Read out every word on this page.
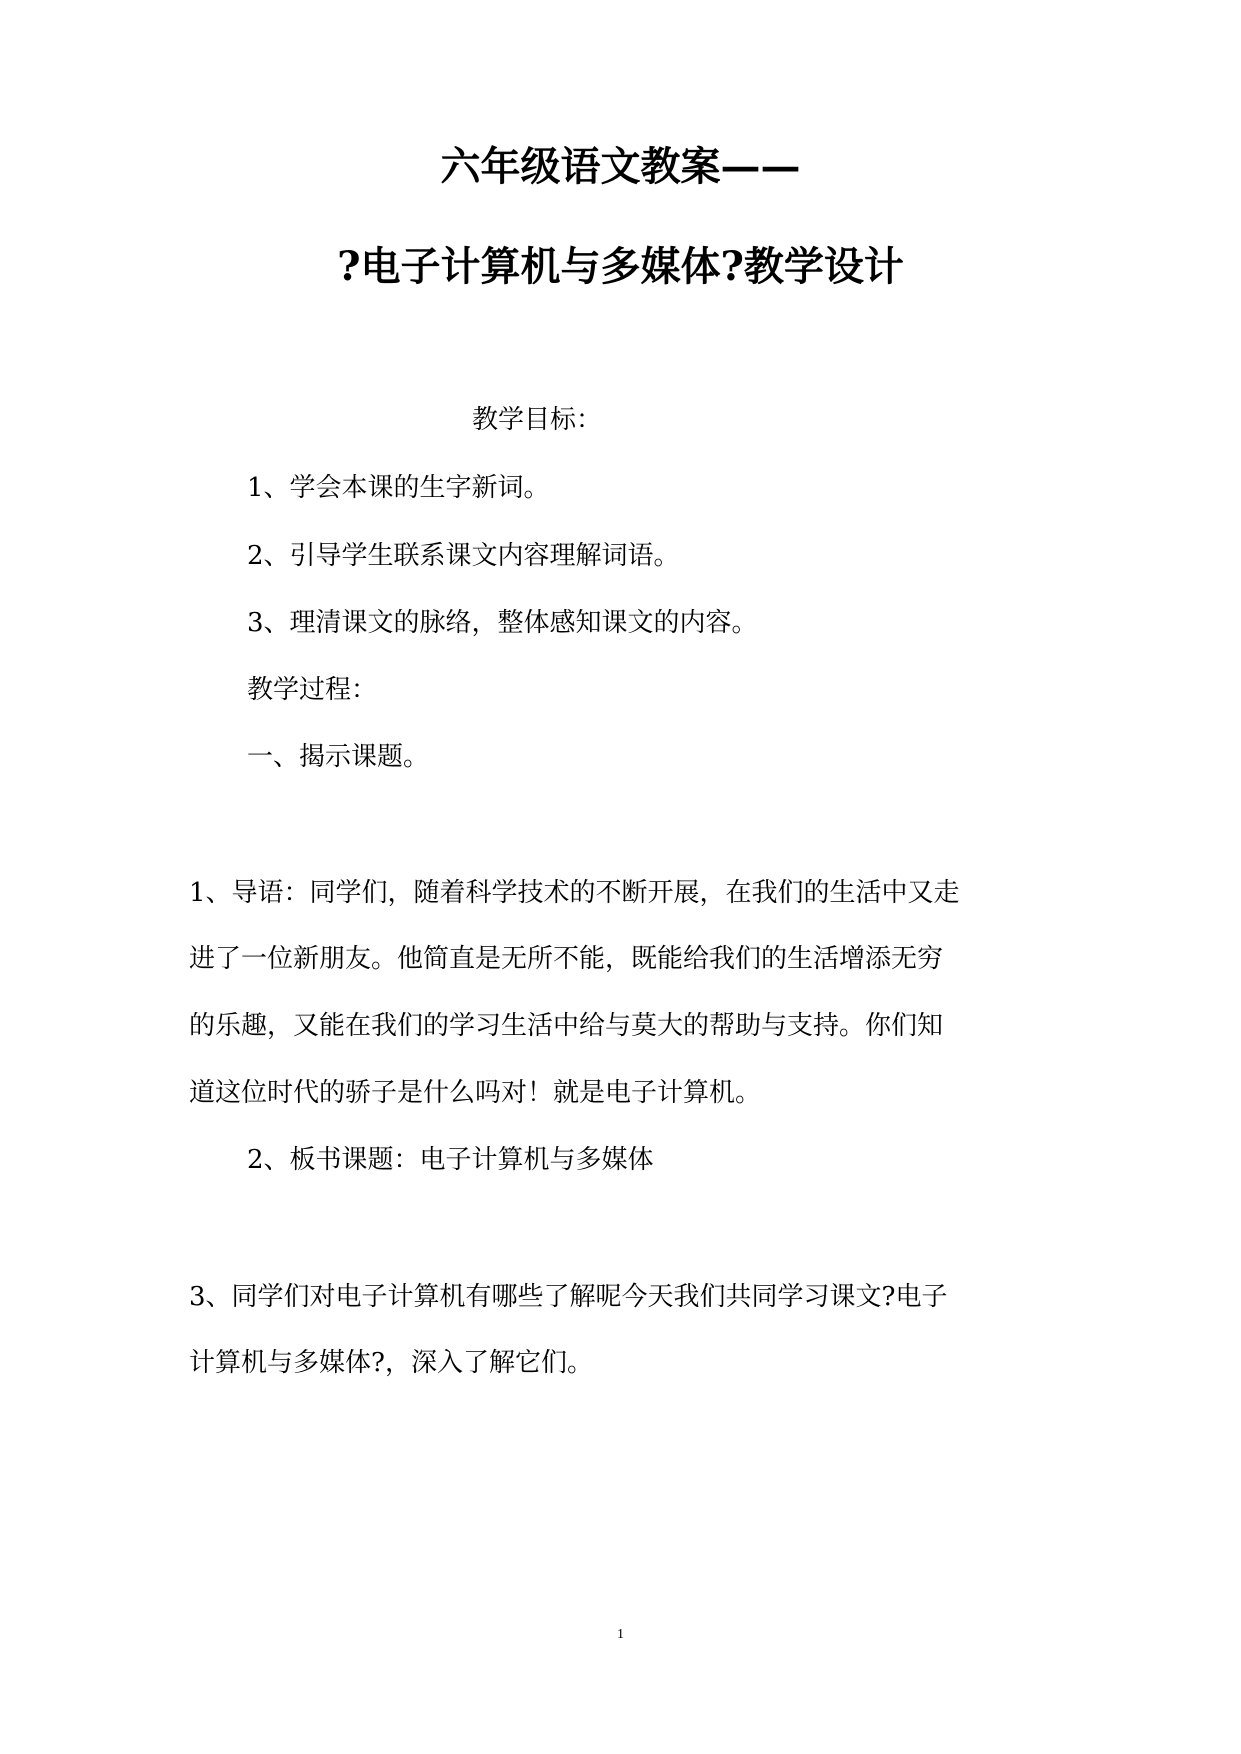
六年级语文教案——
?电子计算机与多媒体?教学设计
教学目标：
1、学会本课的生字新词。
2、引导学生联系课文内容理解词语。
3、理清课文的脉络，整体感知课文的内容。
教学过程：
一、揭示课题。
1、导语：同学们，随着科学技术的不断开展，在我们的生活中又走
进了一位新朋友。他简直是无所不能，既能给我们的生活增添无穷
的乐趣，又能在我们的学习生活中给与莫大的帮助与支持。你们知
道这位时代的骄子是什么吗对！就是电子计算机。
2、板书课题：电子计算机与多媒体
3、同学们对电子计算机有哪些了解呢今天我们共同学习课文?电子
计算机与多媒体?，深入了解它们。
1
